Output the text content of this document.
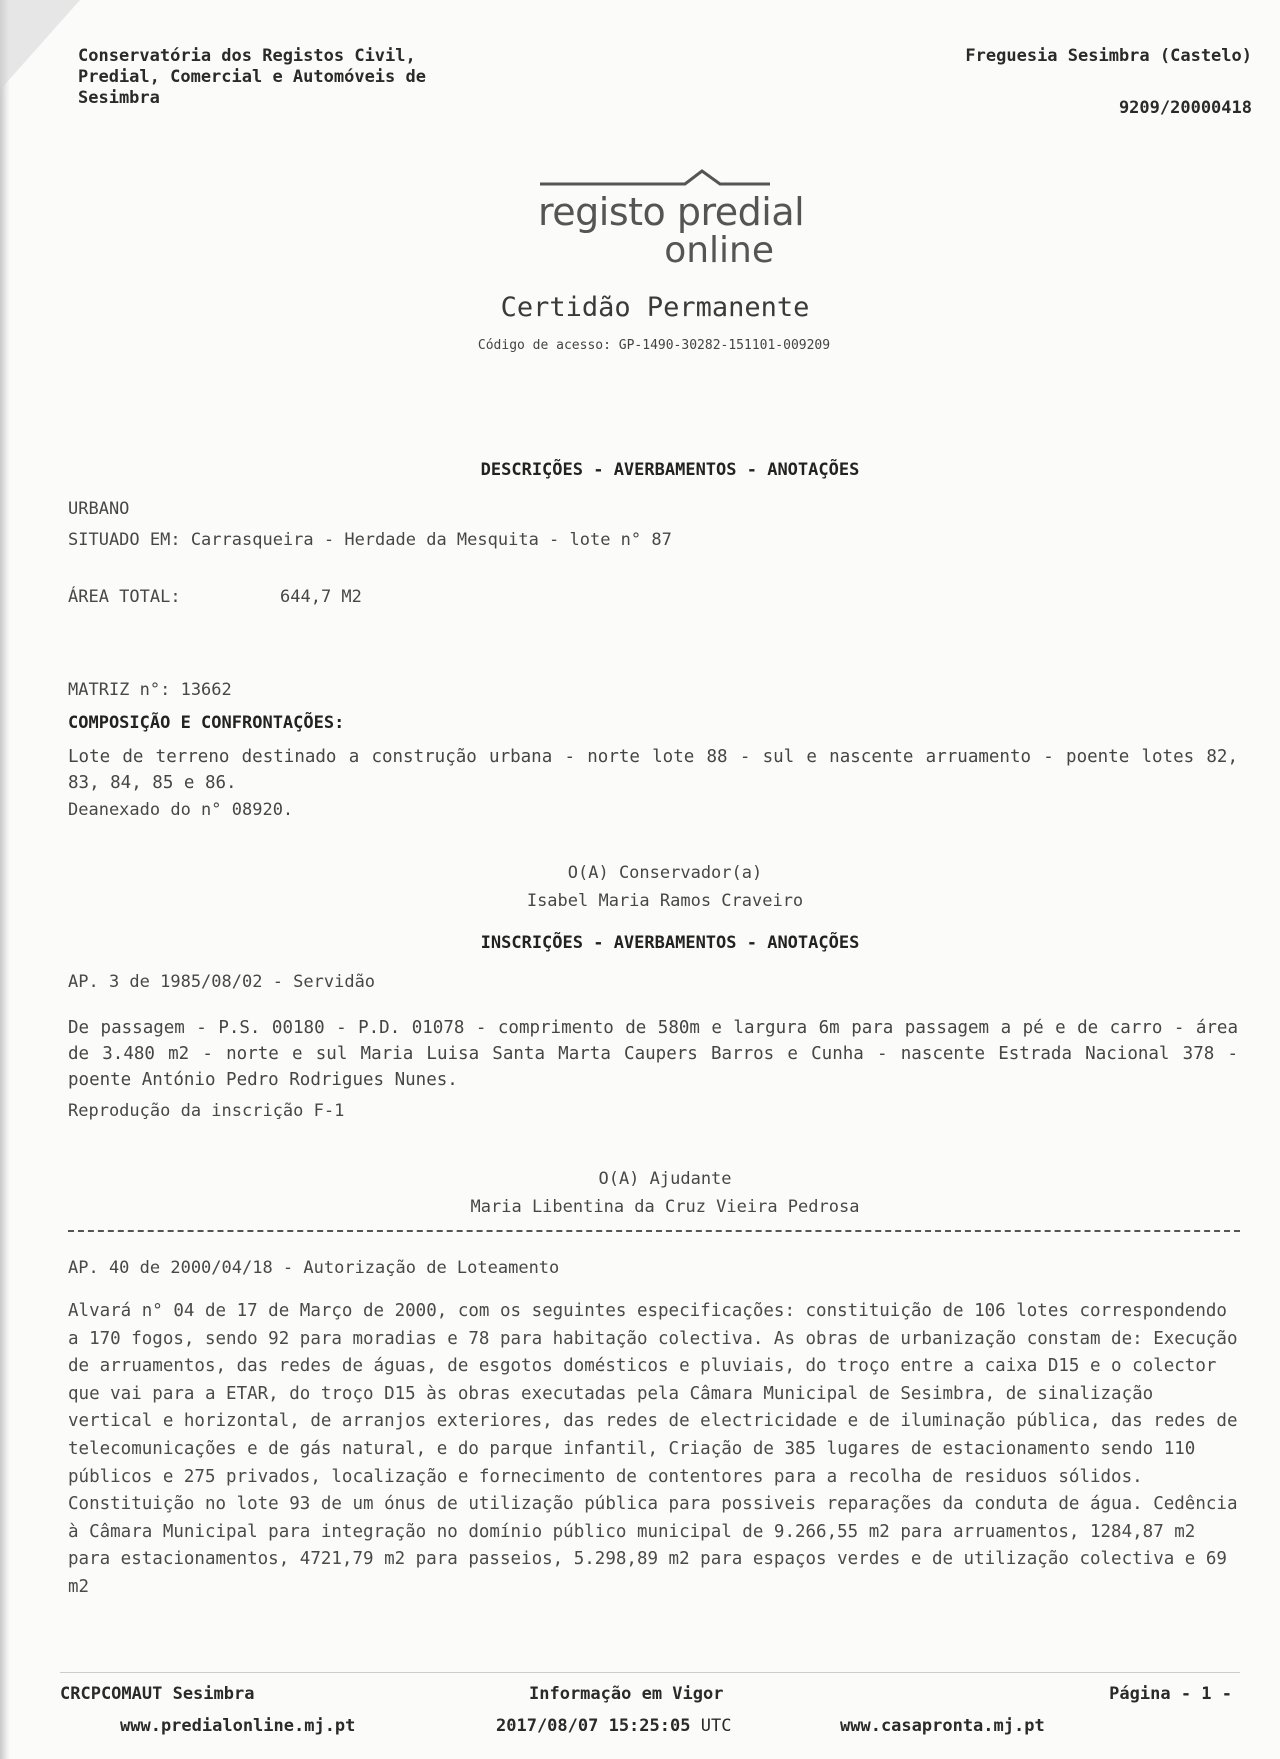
Conservatória dos Registos Civil,
Predial, Comercial e Automóveis de
Sesimbra
Freguesia Sesimbra (Castelo)
9209/20000418
registo predial
online
Certidão Permanente
Código de acesso: GP-1490-30282-151101-009209
DESCRIÇÕES - AVERBAMENTOS - ANOTAÇÕES
URBANO
SITUADO EM: Carrasqueira - Herdade da Mesquita - lote n° 87
ÁREA TOTAL:	644,7 M2
MATRIZ n°: 13662
COMPOSIÇÃO E CONFRONTAÇÕES:
Lote de terreno destinado a construção urbana - norte lote 88 - sul e nascente arruamento - poente lotes 82, 83, 84, 85 e 86.
Deanexado do n° 08920.
O(A) Conservador(a)
Isabel Maria Ramos Craveiro
INSCRIÇÕES - AVERBAMENTOS - ANOTAÇÕES
AP. 3 de 1985/08/02 - Servidão
De passagem - P.S. 00180 - P.D. 01078 - comprimento de 580m e largura 6m para passagem a pé e de carro - área de 3.480 m2 - norte e sul Maria Luisa Santa Marta Caupers Barros e Cunha - nascente Estrada Nacional 378 - poente António Pedro Rodrigues Nunes.
Reprodução da inscrição F-1
O(A) Ajudante
Maria Libentina da Cruz Vieira Pedrosa
AP. 40 de 2000/04/18 - Autorização de Loteamento
Alvará n° 04 de 17 de Março de 2000, com os seguintes especificações: constituição de 106 lotes correspondendo a 170 fogos, sendo 92 para moradias e 78 para habitação colectiva. As obras de urbanização constam de: Execução de arruamentos, das redes de águas, de esgotos domésticos e pluviais, do troço entre a caixa D15 e o colector que vai para a ETAR, do troço D15 às obras executadas pela Câmara Municipal de Sesimbra, de sinalização vertical e horizontal, de arranjos exteriores, das redes de electricidade e de iluminação pública, das redes de telecomunicações e de gás natural, e do parque infantil, Criação de 385 lugares de estacionamento sendo 110 públicos e 275 privados, localização e fornecimento de contentores para a recolha de residuos sólidos. Constituição no lote 93 de um ónus de utilização pública para possiveis reparações da conduta de água. Cedência à Câmara Municipal para integração no domínio público municipal de 9.266,55 m2 para arruamentos, 1284,87 m2 para estacionamentos, 4721,79 m2 para passeios, 5.298,89 m2 para espaços verdes e de utilização colectiva e 69 m2
CRCPCOMAUT Sesimbra
www.predialonline.mj.pt
Informação em Vigor
2017/08/07 15:25:05 UTC
Página - 1 -
www.casapronta.mj.pt
